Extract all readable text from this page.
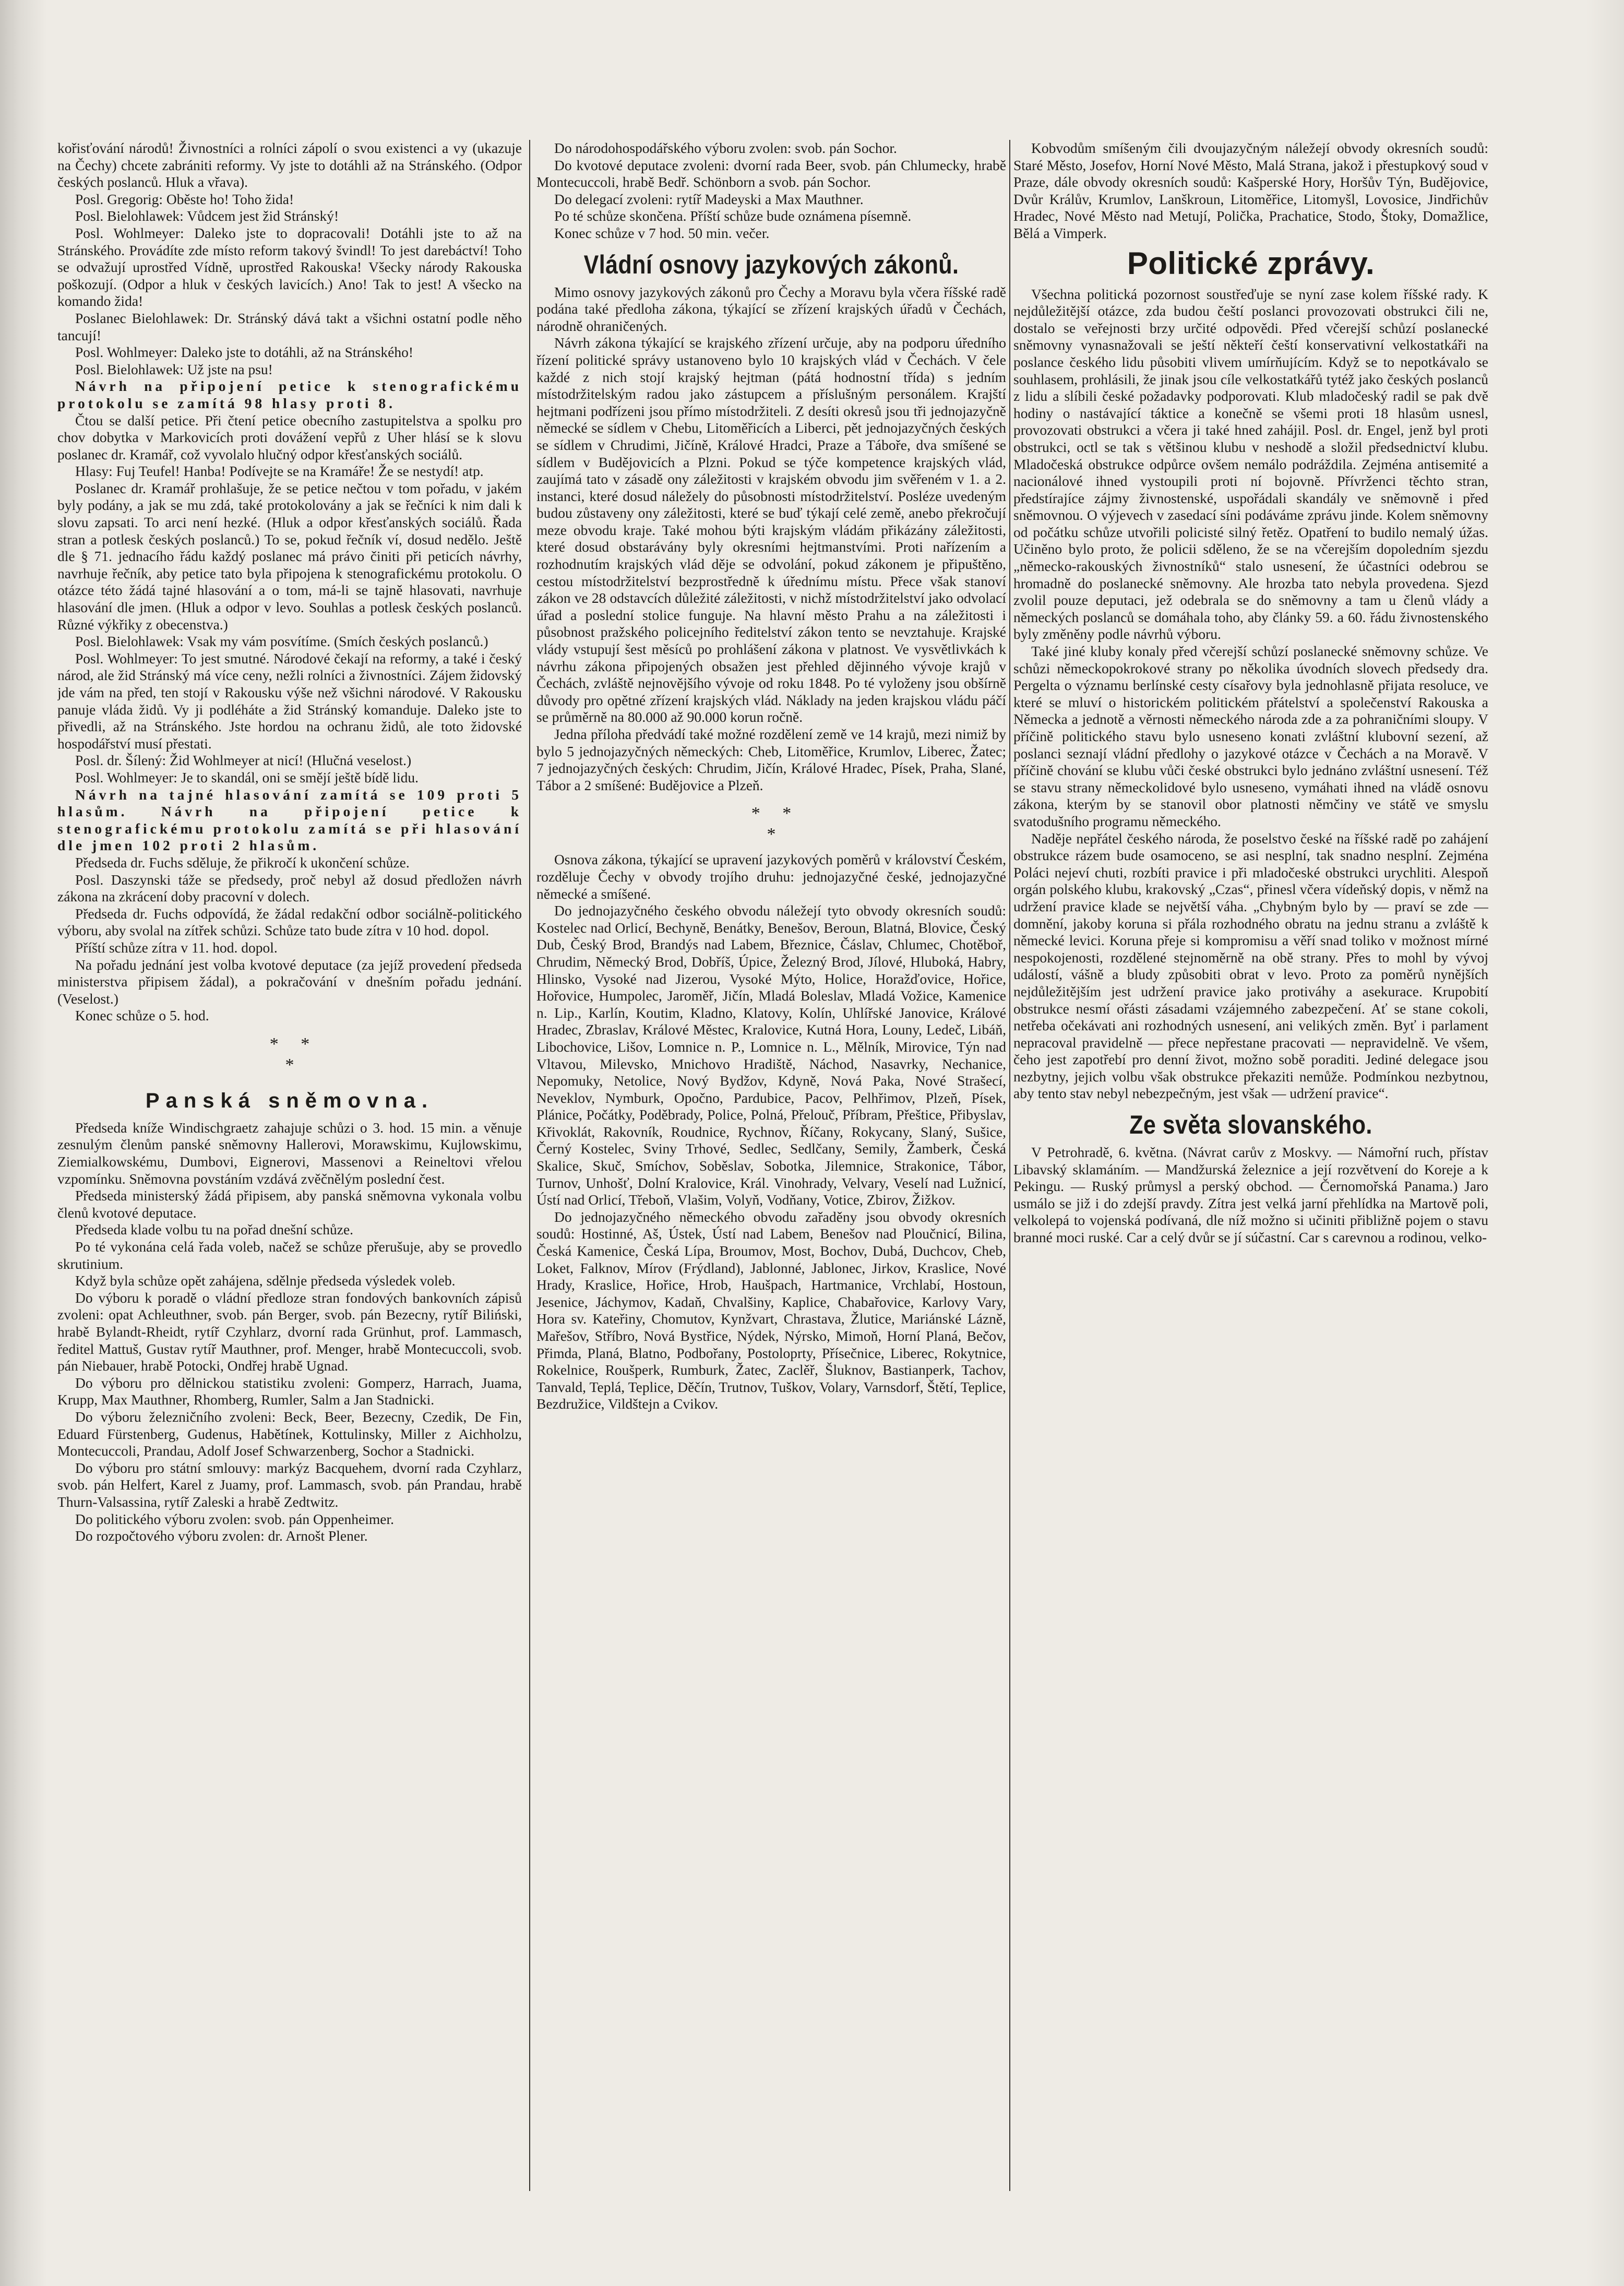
kořisťování národů! Živnostníci a rolníci zápolí o svou existenci a vy (ukazuje na Čechy) chcete zabrániti reformy. Vy jste to dotáhli až na Stránského. (Odpor českých poslanců. Hluk a vřava).

Posl. Gregorig: Oběste ho! Toho žida!

Posl. Bielohlawek: Vůdcem jest žid Stránský!

Posl. Wohlmeyer: Daleko jste to dopracovali! Dotáhli jste to až na Stránského. Provádíte zde místo reform takový švindl! To jest darebáctví! Toho se odvažují uprostřed Vídně, uprostřed Rakouska! Všecky národy Rakouska poškozují. (Odpor a hluk v českých lavicích.) Ano! Tak to jest! A všecko na komando žida!

Poslanec Bielohlawek: Dr. Stránský dává takt a všichni ostatní podle něho tancují!

Posl. Wohlmeyer: Daleko jste to dotáhli, až na Stránského!

Posl. Bielohlawek: Už jste na psu!

Návrh na připojení petice k stenografickému protokolu se zamítá 98 hlasy proti 8.

Čtou se další petice. Při čtení petice obecního zastupitelstva a spolku pro chov dobytka v Markovicích proti dovážení vepřů z Uher hlásí se k slovu poslanec dr. Kramář, což vyvolalo hlučný odpor křesťanských sociálů.

Hlasy: Fuj Teufel! Hanba! Podívejte se na Kramáře! Že se nestydí! atp.

Poslanec dr. Kramář prohlašuje, že se petice nečtou v tom pořadu, v jakém byly podány, a jak se mu zdá, také protokolovány a jak se řečníci k nim dali k slovu zapsati. To arci není hezké. (Hluk a odpor křesťanských sociálů. Řada stran a potlesk českých poslanců.) To se, pokud řečník ví, dosud nedělo. Ještě dle § 71. jednacího řádu každý poslanec má právo činiti při peticích návrhy, navrhuje řečník, aby petice tato byla připojena k stenografickému protokolu. O otázce této žádá tajné hlasování a o tom, má-li se tajně hlasovati, navrhuje hlasování dle jmen. (Hluk a odpor v levo. Souhlas a potlesk českých poslanců. Různé výkřiky z obecenstva.)

Posl. Bielohlawek: Vsak my vám posvítíme. (Smích českých poslanců.)

Posl. Wohlmeyer: To jest smutné. Národové čekají na reformy, a také i český národ, ale žid Stránský má více ceny, nežli rolníci a živnostníci. Zájem židovský jde vám na před, ten stojí v Rakousku výše než všichni národové. V Rakousku panuje vláda židů. Vy ji podléháte a žid Stránský komanduje. Daleko jste to přivedli, až na Stránského. Jste hordou na ochranu židů, ale toto židovské hospodářství musí přestati.

Posl. dr. Šílený: Žid Wohlmeyer at nicí! (Hlučná veselost.)

Posl. Wohlmeyer: Je to skandál, oni se smějí ještě bídě lidu.

Návrh na tajné hlasování zamítá se 109 proti 5 hlasům. Návrh na připojení petice k stenografickému protokolu zamítá se při hlasování dle jmen 102 proti 2 hlasům.

Předseda dr. Fuchs sděluje, že přikročí k ukončení schůze.

Posl. Daszynski táže se předsedy, proč nebyl až dosud předložen návrh zákona na zkrácení doby pracovní v dolech.

Předseda dr. Fuchs odpovídá, že žádal redakční odbor sociálně-politického výboru, aby svolal na zítřek schůzi. Schůze tato bude zítra v 10 hod. dopol.

Příští schůze zítra v 11. hod. dopol.

Na pořadu jednání jest volba kvotové deputace (za jejíž provedení předseda ministerstva připisem žádal), a pokračování v dnešním pořadu jednání. (Veselost.)

Konec schůze o 5. hod.

*     *
*
Panská sněmovna.

Předseda kníže Windischgraetz zahajuje schůzi o 3. hod. 15 min. a věnuje zesnulým členům panské sněmovny Hallerovi, Morawskimu, Kujlowskimu, Ziemialkowskému, Dumbovi, Eignerovi, Massenovi a Reineltovi vřelou vzpomínku. Sněmovna povstáním vzdává zvěčnělým poslední čest.

Předseda ministerský žádá připisem, aby panská sněmovna vykonala volbu členů kvotové deputace.

Předseda klade volbu tu na pořad dnešní schůze.

Po té vykonána celá řada voleb, načež se schůze přerušuje, aby se provedlo skrutinium.

Když byla schůze opět zahájena, sdělnje předseda výsledek voleb.

Do výboru k poradě o vládní předloze stran fondových bankovních zápisů zvoleni: opat Achleuthner, svob. pán Berger, svob. pán Bezecny, rytíř Biliński, hrabě Bylandt-Rheidt, rytíř Czyhlarz, dvorní rada Grünhut, prof. Lammasch, ředitel Mattuš, Gustav rytíř Mauthner, prof. Menger, hrabě Montecuccoli, svob. pán Niebauer, hrabě Potocki, Ondřej hrabě Ugnad.

Do výboru pro dělnickou statistiku zvoleni: Gomperz, Harrach, Juama, Krupp, Max Mauthner, Rhomberg, Rumler, Salm a Jan Stadnicki.

Do výboru železničního zvoleni: Beck, Beer, Bezecny, Czedik, De Fin, Eduard Fürstenberg, Gudenus, Habětínek, Kottulinsky, Miller z Aichholzu, Montecuccoli, Prandau, Adolf Josef Schwarzenberg, Sochor a Stadnicki.

Do výboru pro státní smlouvy: markýz Bacquehem, dvorní rada Czyhlarz, svob. pán Helfert, Karel z Juamy, prof. Lammasch, svob. pán Prandau, hrabě Thurn-Valsassina, rytíř Zaleski a hrabě Zedtwitz.

Do politického výboru zvolen: svob. pán Oppenheimer.

Do rozpočtového výboru zvolen: dr. Arnošt Plener.

Do národohospodářského výboru zvolen: svob. pán Sochor.

Do kvotové deputace zvoleni: dvorní rada Beer, svob. pán Chlumecky, hrabě Montecuccoli, hrabě Bedř. Schönborn a svob. pán Sochor.

Do delegací zvoleni: rytíř Madeyski a Max Mauthner.

Po té schůze skončena. Příští schůze bude oznámena písemně.

Konec schůze v 7 hod. 50 min. večer.

Vládní osnovy jazykových zákonů.

Mimo osnovy jazykových zákonů pro Čechy a Moravu byla včera říšské radě podána také předloha zákona, týkající se zřízení krajských úřadů v Čechách, národně ohraničených.

Návrh zákona týkající se krajského zřízení určuje, aby na podporu úředního řízení politické správy ustanoveno bylo 10 krajských vlád v Čechách. V čele každé z nich stojí krajský hejtman (pátá hodnostní třída) s jedním místodržitelským radou jako zástupcem a příslušným personálem. Krajští hejtmani podřízeni jsou přímo místodržiteli. Z desíti okresů jsou tři jednojazyčně německé se sídlem v Chebu, Litoměřicích a Liberci, pět jednojazyčných českých se sídlem v Chrudimi, Jičíně, Králové Hradci, Praze a Táboře, dva smíšené se sídlem v Budějovicích a Plzni. Pokud se týče kompetence krajských vlád, zaujímá tato v zásadě ony záležitosti v krajském obvodu jim svěřeném v 1. a 2. instanci, které dosud náležely do působnosti místodržitelství. Posléze uvedeným budou zůstaveny ony záležitosti, které se buď týkají celé země, anebo překročují meze obvodu kraje. Také mohou býti krajským vládám přikázány záležitosti, které dosud obstarávány byly okresními hejtmanstvími. Proti nařízením a rozhodnutím krajských vlád děje se odvolání, pokud zákonem je připuštěno, cestou místodržitelství bezprostředně k úřednímu místu. Přece však stanoví zákon ve 28 odstavcích důležité záležitosti, v nichž místodržitelství jako odvolací úřad a poslední stolice funguje. Na hlavní město Prahu a na záležitosti i působnost pražského policejního ředitelství zákon tento se nevztahuje. Krajské vlády vstupují šest měsíců po prohlášení zákona v platnost. Ve vysvětlivkách k návrhu zákona připojených obsažen jest přehled dějinného vývoje krajů v Čechách, zvláště nejnovějšího vývoje od roku 1848. Po té vyloženy jsou obšírně důvody pro opětné zřízení krajských vlád. Náklady na jeden krajskou vládu páčí se průměrně na 80.000 až 90.000 korun ročně.

Jedna příloha předvádí také možné rozdělení země ve 14 krajů, mezi nimiž by bylo 5 jednojazyčných německých: Cheb, Litoměřice, Krumlov, Liberec, Žatec; 7 jednojazyčných českých: Chrudim, Jičín, Králové Hradec, Písek, Praha, Slané, Tábor a 2 smíšené: Budějovice a Plzeň.

*     *
*

Osnova zákona, týkající se upravení jazykových poměrů v království Českém, rozděluje Čechy v obvody trojího druhu: jednojazyčné české, jednojazyčné německé a smíšené.

Do jednojazyčného českého obvodu náležejí tyto obvody okresních soudů: Kostelec nad Orlicí, Bechyně, Benátky, Benešov, Beroun, Blatná, Blovice, Český Dub, Český Brod, Brandýs nad Labem, Březnice, Čáslav, Chlumec, Chotěboř, Chrudim, Německý Brod, Dobříš, Úpice, Železný Brod, Jílové, Hluboká, Habry, Hlinsko, Vysoké nad Jizerou, Vysoké Mýto, Holice, Horažďovice, Hořice, Hořovice, Humpolec, Jaroměř, Jičín, Mladá Boleslav, Mladá Vožice, Kamenice n. Lip., Karlín, Koutim, Kladno, Klatovy, Kolín, Uhlířské Janovice, Králové Hradec, Zbraslav, Králové Městec, Kralovice, Kutná Hora, Louny, Ledeč, Libáň, Libochovice, Lišov, Lomnice n. P., Lomnice n. L., Mělník, Mirovice, Týn nad Vltavou, Milevsko, Mnichovo Hradiště, Náchod, Nasavrky, Nechanice, Nepomuky, Netolice, Nový Bydžov, Kdyně, Nová Paka, Nové Strašecí, Neveklov, Nymburk, Opočno, Pardubice, Pacov, Pelhřimov, Plzeň, Písek, Plánice, Počátky, Poděbrady, Police, Polná, Přelouč, Příbram, Přeštice, Přibyslav, Křivoklát, Rakovník, Roudnice, Rychnov, Říčany, Rokycany, Slaný, Sušice, Černý Kostelec, Sviny Trhové, Sedlec, Sedlčany, Semily, Žamberk, Česká Skalice, Skuč, Smíchov, Soběslav, Sobotka, Jilemnice, Strakonice, Tábor, Turnov, Unhošť, Dolní Kralovice, Král. Vinohrady, Velvary, Veselí nad Lužnicí, Ústí nad Orlicí, Třeboň, Vlašim, Volyň, Vodňany, Votice, Zbirov, Žižkov.

Do jednojazyčného německého obvodu zařaděny jsou obvody okresních soudů: Hostinné, Aš, Ústek, Ústí nad Labem, Benešov nad Ploučnicí, Bilina, Česká Kamenice, Česká Lípa, Broumov, Most, Bochov, Dubá, Duchcov, Cheb, Loket, Falknov, Mírov (Frýdland), Jablonné, Jablonec, Jirkov, Kraslice, Nové Hrady, Kraslice, Hořice, Hrob, Haušpach, Hartmanice, Vrchlabí, Hostoun, Jesenice, Jáchymov, Kadaň, Chvalšiny, Kaplice, Chabařovice, Karlovy Vary, Hora sv. Kateřiny, Chomutov, Kynžvart, Chrastava, Žlutice, Mariánské Lázně, Mařešov, Stříbro, Nová Bystřice, Nýdek, Nýrsko, Mimoň, Horní Planá, Bečov, Přimda, Planá, Blatno, Podbořany, Postoloprty, Přísečnice, Liberec, Rokytnice, Rokelnice, Roušperk, Rumburk, Žatec, Zaclěř, Šluknov, Bastianperk, Tachov, Tanvald, Teplá, Teplice, Děčín, Trutnov, Tuškov, Volary, Varnsdorf, Štětí, Teplice, Bezdružice, Vildštejn a Cvikov.

Kobvodům smíšeným čili dvoujazyčným náležejí obvody okresních soudů: Staré Město, Josefov, Horní Nové Město, Malá Strana, jakož i přestupkový soud v Praze, dále obvody okresních soudů: Kašperské Hory, Horšův Týn, Budějovice, Dvůr Králův, Krumlov, Lanškroun, Litoměřice, Litomyšl, Lovosice, Jindřichův Hradec, Nové Město nad Metují, Polička, Prachatice, Stodo, Štoky, Domažlice, Bělá a Vimperk.

Politické zprávy.

Všechna politická pozornost soustřeďuje se nyní zase kolem říšské rady. K nejdůležitější otázce, zda budou čeští poslanci provozovati obstrukci čili ne, dostalo se veřejnosti brzy určité odpovědi. Před včerejší schůzí poslanecké sněmovny vynasnažovali se ještí někteří čeští konservativní velkostatkáři na poslance českého lidu působiti vlivem umírňujícím. Když se to nepotkávalo se souhlasem, prohlásili, že jinak jsou cíle velkostatkářů tytéž jako českých poslanců z lidu a slíbili české požadavky podporovati. Klub mladočeský radil se pak dvě hodiny o nastávající táktice a konečně se všemi proti 18 hlasům usnesl, provozovati obstrukci a včera ji také hned zahájil. Posl. dr. Engel, jenž byl proti obstrukci, octl se tak s většinou klubu v neshodě a složil předsednictví klubu. Mladočeská obstrukce odpůrce ovšem nemálo podráždila. Zejména antisemité a nacionálové ihned vystoupili proti ní bojovně. Přívrženci těchto stran, předstírajíce zájmy živnostenské, uspořádali skandály ve sněmovně i před sněmovnou. O výjevech v zasedací síni podáváme zprávu jinde. Kolem sněmovny od počátku schůze utvořili policisté silný řetěz. Opatření to budilo nemalý úžas. Učiněno bylo proto, že policii sděleno, že se na včerejším dopoledním sjezdu „německo-rakouských živnostníků“ stalo usnesení, že účastníci odebrou se hromadně do poslanecké sněmovny. Ale hrozba tato nebyla provedena. Sjezd zvolil pouze deputaci, jež odebrala se do sněmovny a tam u členů vlády a německých poslanců se domáhala toho, aby články 59. a 60. řádu živnostenského byly změněny podle návrhů výboru.

Také jiné kluby konaly před včerejší schůzí poslanecké sněmovny schůze. Ve schůzi německopokrokové strany po několika úvodních slovech předsedy dra. Pergelta o významu berlínské cesty císařovy byla jednohlasně přijata resoluce, ve které se mluví o historickém politickém přátelství a společenství Rakouska a Německa a jednotě a věrnosti německého národa zde a za pohraničními sloupy. V příčině politického stavu bylo usneseno konati zvláštní klubovní sezení, až poslanci seznají vládní předlohy o jazykové otázce v Čechách a na Moravě. V příčině chování se klubu vůči české obstrukci bylo jednáno zvláštní usnesení. Též se stavu strany německolidové bylo usneseno, vymáhati ihned na vládě osnovu zákona, kterým by se stanovil obor platnosti němčiny ve státě ve smyslu svatodušního programu německého.

Naděje nepřátel českého národa, že poselstvo české na říšské radě po zahájení obstrukce rázem bude osamoceno, se asi nesplní, tak snadno nesplní. Zejména Poláci nejeví chuti, rozbíti pravice i při mladočeské obstrukci urychliti. Alespoň orgán polského klubu, krakovský „Czas“, přinesl včera vídeňský dopis, v němž na udržení pravice klade se největší váha. „Chybným bylo by — praví se zde — domnění, jakoby koruna si přála rozhodného obratu na jednu stranu a zvláště k německé levici. Koruna přeje si kompromisu a věří snad toliko v možnost mírné nespokojenosti, rozdělené stejnoměrně na obě strany. Přes to mohl by vývoj událostí, vášně a bludy způsobiti obrat v levo. Proto za poměrů nynějších nejdůležitějším jest udržení pravice jako protiváhy a asekurace. Krupobití obstrukce nesmí ořásti zásadami vzájemného zabezpečení. Ať se stane cokoli, netřeba očekávati ani rozhodných usnesení, ani velikých změn. Byť i parlament nepracoval pravidelně — přece nepřestane pracovati — nepravidelně. Ve všem, čeho jest zapotřebí pro denní život, možno sobě poraditi. Jediné delegace jsou nezbytny, jejich volbu však obstrukce překaziti nemůže. Podmínkou nezbytnou, aby tento stav nebyl nebezpečným, jest však — udržení pravice“.

Ze světa slovanského.

V Petrohradě, 6. května. (Návrat carův z Moskvy. — Námořní ruch, přístav Libavský sklamáním. — Mandžurská železnice a její rozvětvení do Koreje a k Pekingu. — Ruský průmysl a perský obchod. — Černomořská Panama.) Jaro usmálo se již i do zdejší pravdy. Zítra jest velká jarní přehlídka na Martově poli, velkolepá to vojenská podívaná, dle níž možno si učiniti přibližně pojem o stavu branné moci ruské. Car a celý dvůr se jí súčastní. Car s carevnou a rodinou, velko-
